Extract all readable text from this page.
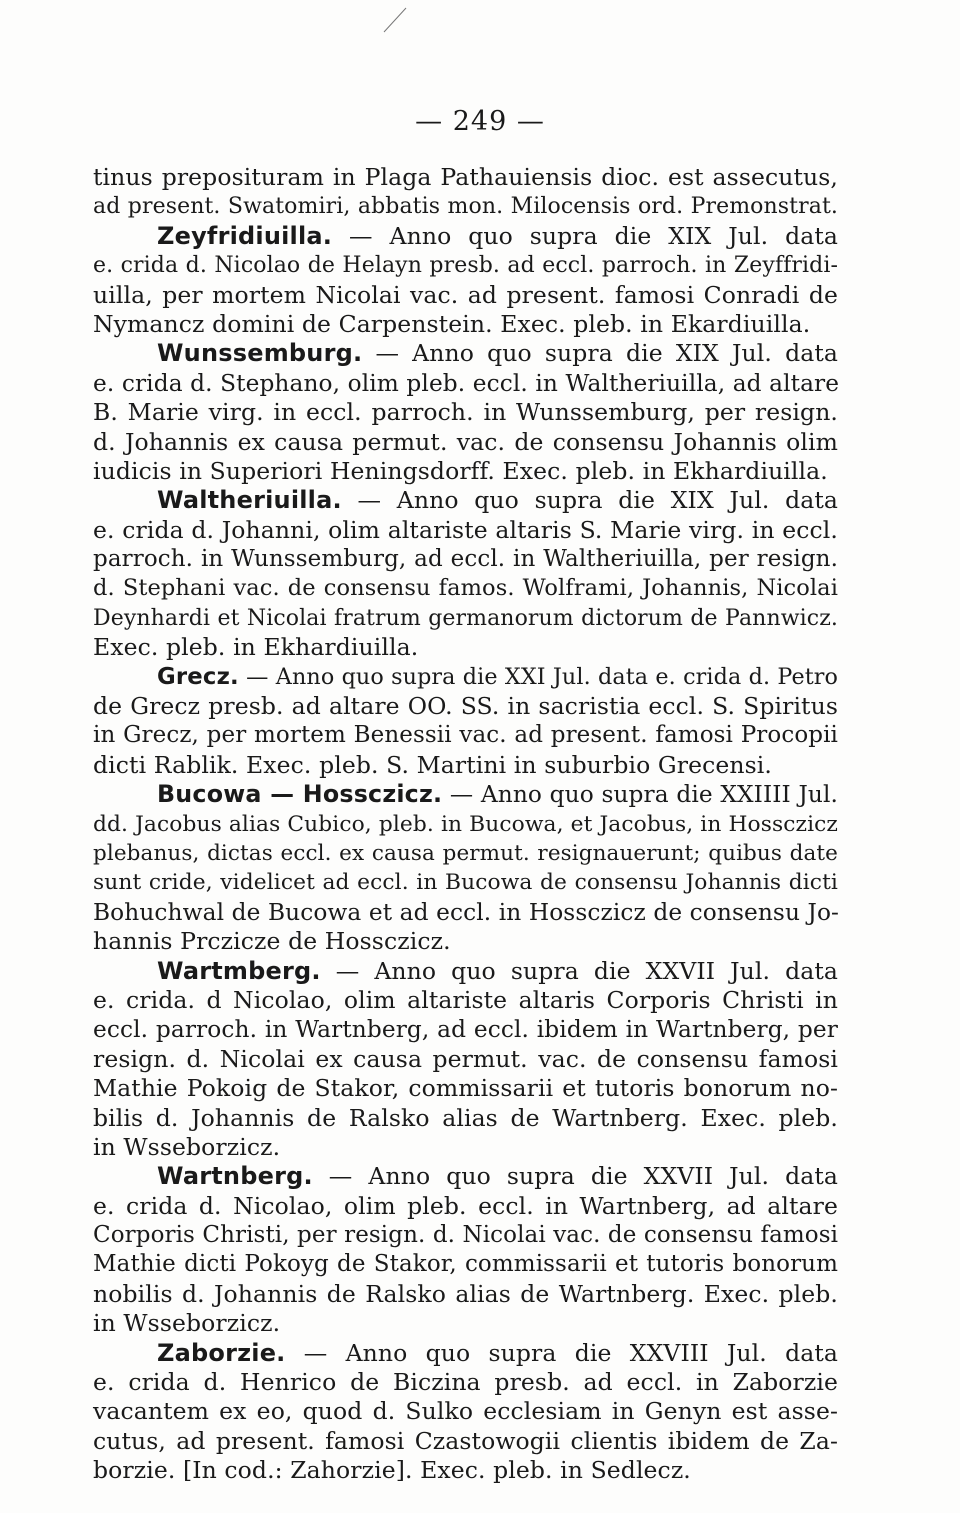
— 249 —
tinus preposituram in Plaga Pathauiensis dioc. est assecutus,
ad present. Swatomiri, abbatis mon. Milocensis ord. Premonstrat.
Zeyfridiuilla. — Anno quo supra die XIX Jul. data
e. crida d. Nicolao de Helayn presb. ad eccl. parroch. in Zeyffridi-
uilla, per mortem Nicolai vac. ad present. famosi Conradi de
Nymancz domini de Carpenstein. Exec. pleb. in Ekardiuilla.
Wunssemburg. — Anno quo supra die XIX Jul. data
e. crida d. Stephano, olim pleb. eccl. in Waltheriuilla, ad altare
B. Marie virg. in eccl. parroch. in Wunssemburg, per resign.
d. Johannis ex causa permut. vac. de consensu Johannis olim
iudicis in Superiori Heningsdorff. Exec. pleb. in Ekhardiuilla.
Waltheriuilla. — Anno quo supra die XIX Jul. data
e. crida d. Johanni, olim altariste altaris S. Marie virg. in eccl.
parroch. in Wunssemburg, ad eccl. in Waltheriuilla, per resign.
d. Stephani vac. de consensu famos. Wolframi, Johannis, Nicolai
Deynhardi et Nicolai fratrum germanorum dictorum de Pannwicz.
Exec. pleb. in Ekhardiuilla.
Grecz. — Anno quo supra die XXI Jul. data e. crida d. Petro
de Grecz presb. ad altare OO. SS. in sacristia eccl. S. Spiritus
in Grecz, per mortem Benessii vac. ad present. famosi Procopii
dicti Rablik. Exec. pleb. S. Martini in suburbio Grecensi.
Bucowa — Hossczicz. — Anno quo supra die XXIIII Jul.
dd. Jacobus alias Cubico, pleb. in Bucowa, et Jacobus, in Hossczicz
plebanus, dictas eccl. ex causa permut. resignauerunt; quibus date
sunt cride, videlicet ad eccl. in Bucowa de consensu Johannis dicti
Bohuchwal de Bucowa et ad eccl. in Hossczicz de consensu Jo-
hannis Prczicze de Hossczicz.
Wartmberg. — Anno quo supra die XXVII Jul. data
e. crida. d Nicolao, olim altariste altaris Corporis Christi in
eccl. parroch. in Wartnberg, ad eccl. ibidem in Wartnberg, per
resign. d. Nicolai ex causa permut. vac. de consensu famosi
Mathie Pokoig de Stakor, commissarii et tutoris bonorum no-
bilis d. Johannis de Ralsko alias de Wartnberg. Exec. pleb.
in Wsseborzicz.
Wartnberg. — Anno quo supra die XXVII Jul. data
e. crida d. Nicolao, olim pleb. eccl. in Wartnberg, ad altare
Corporis Christi, per resign. d. Nicolai vac. de consensu famosi
Mathie dicti Pokoyg de Stakor, commissarii et tutoris bonorum
nobilis d. Johannis de Ralsko alias de Wartnberg. Exec. pleb.
in Wsseborzicz.
Zaborzie. — Anno quo supra die XXVIII Jul. data
e. crida d. Henrico de Biczina presb. ad eccl. in Zaborzie
vacantem ex eo, quod d. Sulko ecclesiam in Genyn est asse-
cutus, ad present. famosi Czastowogii clientis ibidem de Za-
borzie. [In cod.: Zahorzie]. Exec. pleb. in Sedlecz.
